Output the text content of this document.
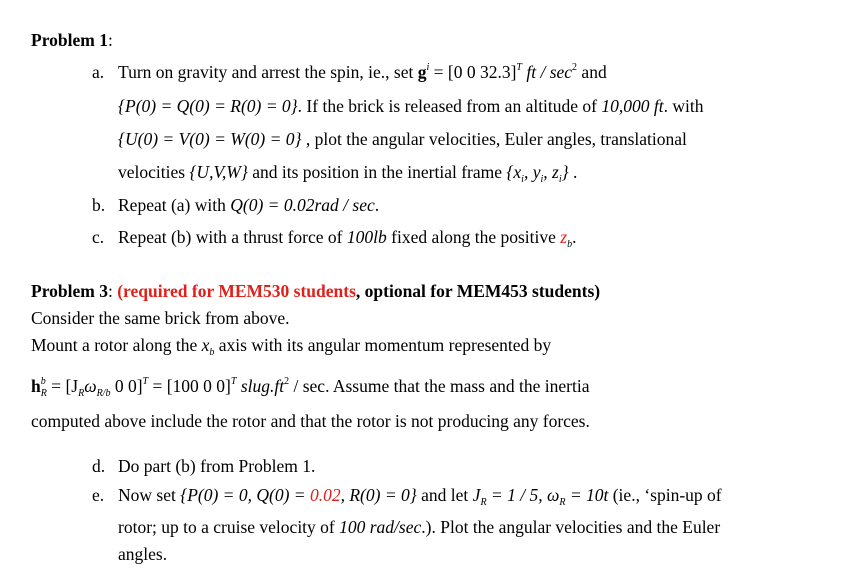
Problem 1:
a. Turn on gravity and arrest the spin, ie., set $g^i = [0$ 0 32.3]$^T$ ft / $\sec^2$ and
{P(0) = Q(0) = R(0) = 0}. If the brick is released from an altitude of 10,000 ft. with
{U(0) = V(0) = W(0) = 0} , plot the angular velocities, Euler angles, translational
velocities {U,V,W} and its position in the inertial frame {$x_i$, $y_i$, $z_i$} .
b. Repeat (a) with Q(0) = 0.02rad / sec.
c. Repeat (b) with a thrust force of 100lb fixed along the positive $z_b$.
Problem 3: (required for MEM530 students, optional for MEM453 students)
Consider the same brick from above.
Mount a rotor along the $x_b$ axis with its angular momentum represented by
$h^b_R = [J_R\omega_{R/b}$ 0 0]$^T$ = [100 0 0]$^T$ $slug.ft^2$ / sec. Assume that the mass and the inertia
computed above include the rotor and that the rotor is not producing any forces.
d. Do part (b) from Problem 1.
e. Now set {P(0) = 0, Q(0) = 0.02, R(0) = 0} and let $J_R = 1 / 5$, $\omega_R = 10t$ (ie., ‘spin-up of
rotor; up to a cruise velocity of 100 rad/sec.). Plot the angular velocities and the Euler
angles.
